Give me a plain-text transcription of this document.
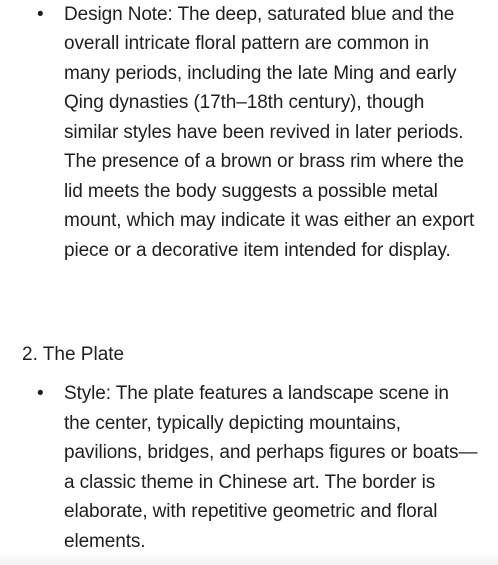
• Design Note: The deep, saturated blue and the overall intricate floral pattern are common in many periods, including the late Ming and early Qing dynasties (17th–18th century), though similar styles have been revived in later periods. The presence of a brown or brass rim where the lid meets the body suggests a possible metal mount, which may indicate it was either an export piece or a decorative item intended for display.
2. The Plate
• Style: The plate features a landscape scene in the center, typically depicting mountains, pavilions, bridges, and perhaps figures or boats—a classic theme in Chinese art. The border is elaborate, with repetitive geometric and floral elements.
